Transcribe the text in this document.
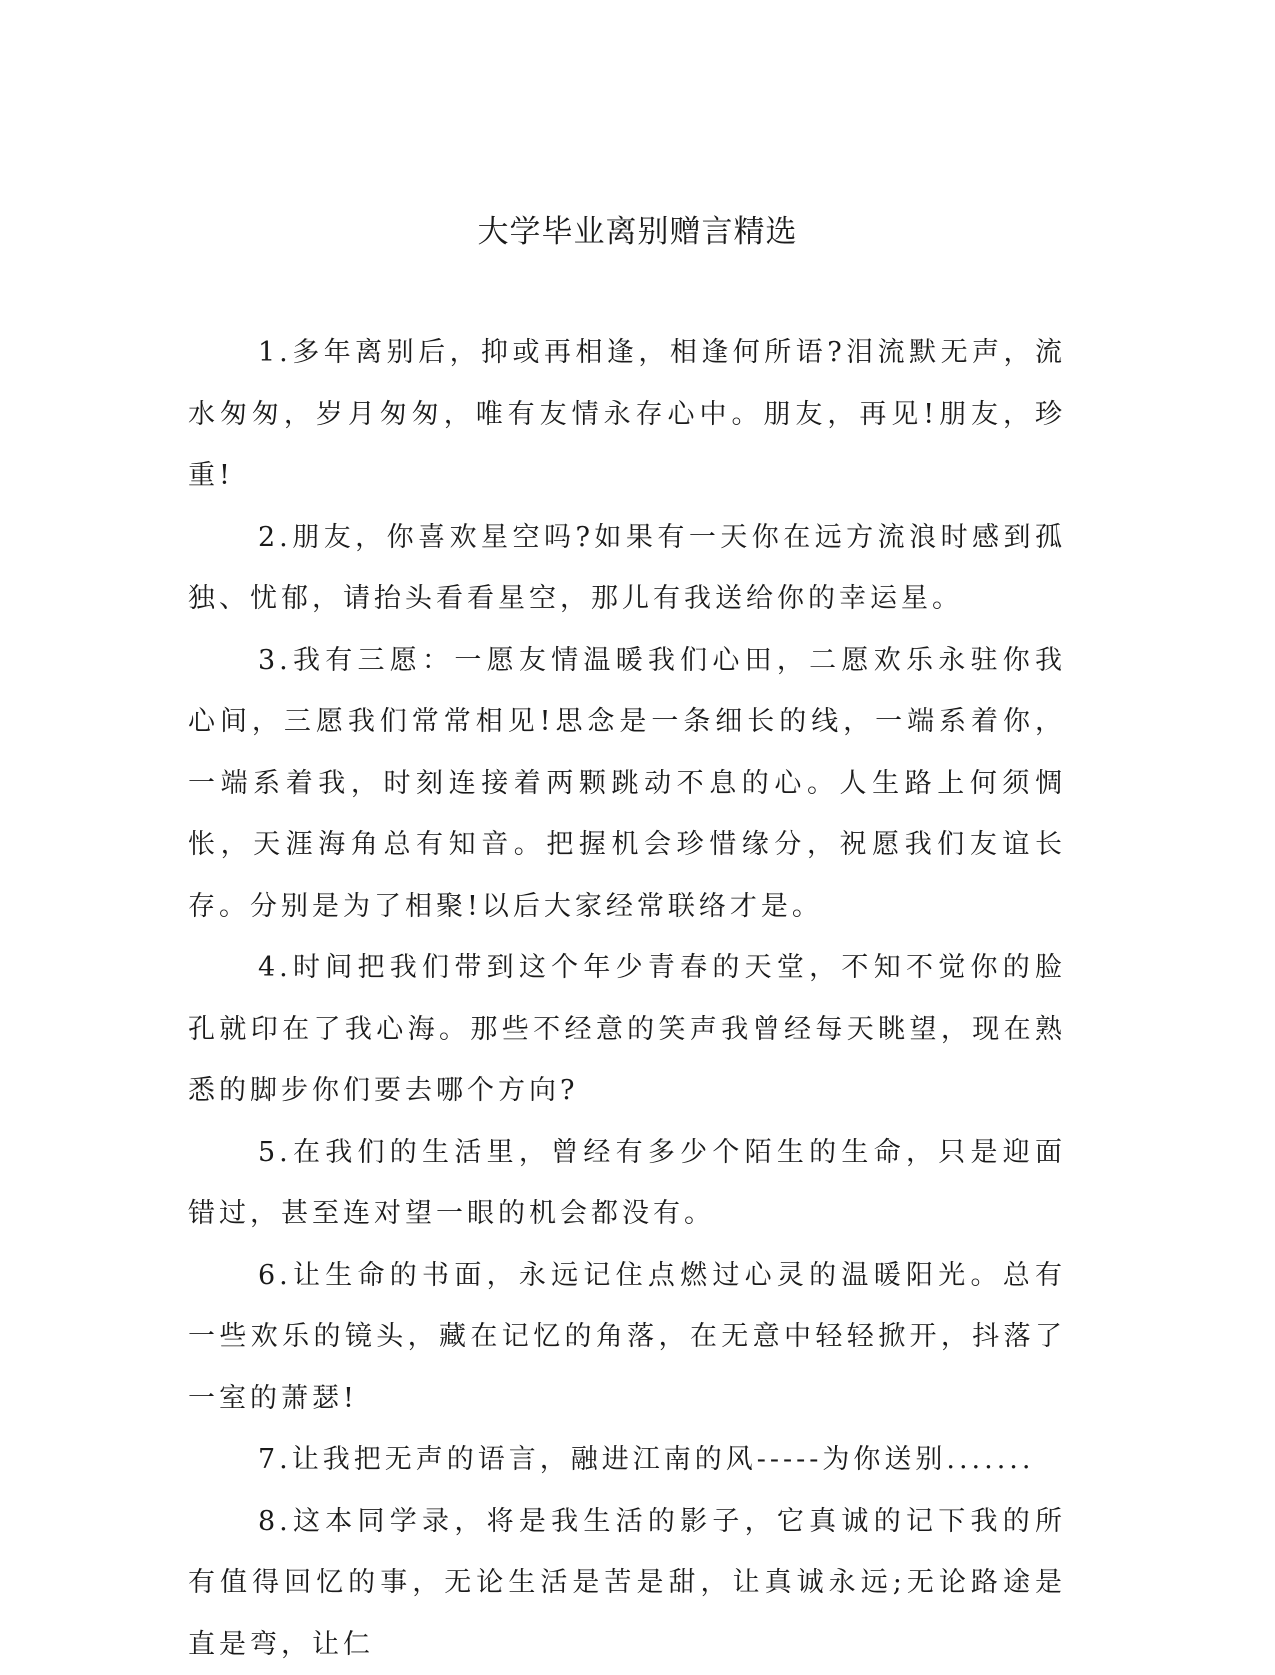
大学毕业离别赠言精选

1.多年离别后，抑或再相逢，相逢何所语?泪流默无声，流水匆匆，岁月匆匆，唯有友情永存心中。朋友，再见!朋友，珍重!

2.朋友，你喜欢星空吗?如果有一天你在远方流浪时感到孤独、忧郁，请抬头看看星空，那儿有我送给你的幸运星。

3.我有三愿：一愿友情温暖我们心田，二愿欢乐永驻你我心间，三愿我们常常相见!思念是一条细长的线，一端系着你，一端系着我，时刻连接着两颗跳动不息的心。人生路上何须惆怅，天涯海角总有知音。把握机会珍惜缘分，祝愿我们友谊长存。分别是为了相聚!以后大家经常联络才是。

4.时间把我们带到这个年少青春的天堂，不知不觉你的脸孔就印在了我心海。那些不经意的笑声我曾经每天眺望，现在熟悉的脚步你们要去哪个方向?

5.在我们的生活里，曾经有多少个陌生的生命，只是迎面错过，甚至连对望一眼的机会都没有。

6.让生命的书面，永远记住点燃过心灵的温暖阳光。总有一些欢乐的镜头，藏在记忆的角落，在无意中轻轻掀开，抖落了一室的萧瑟!

7.让我把无声的语言，融进江南的风-----为你送别.......

8.这本同学录，将是我生活的影子，它真诚的记下我的所有值得回忆的事，无论生活是苦是甜，让真诚永远;无论路途是直是弯，让仁
